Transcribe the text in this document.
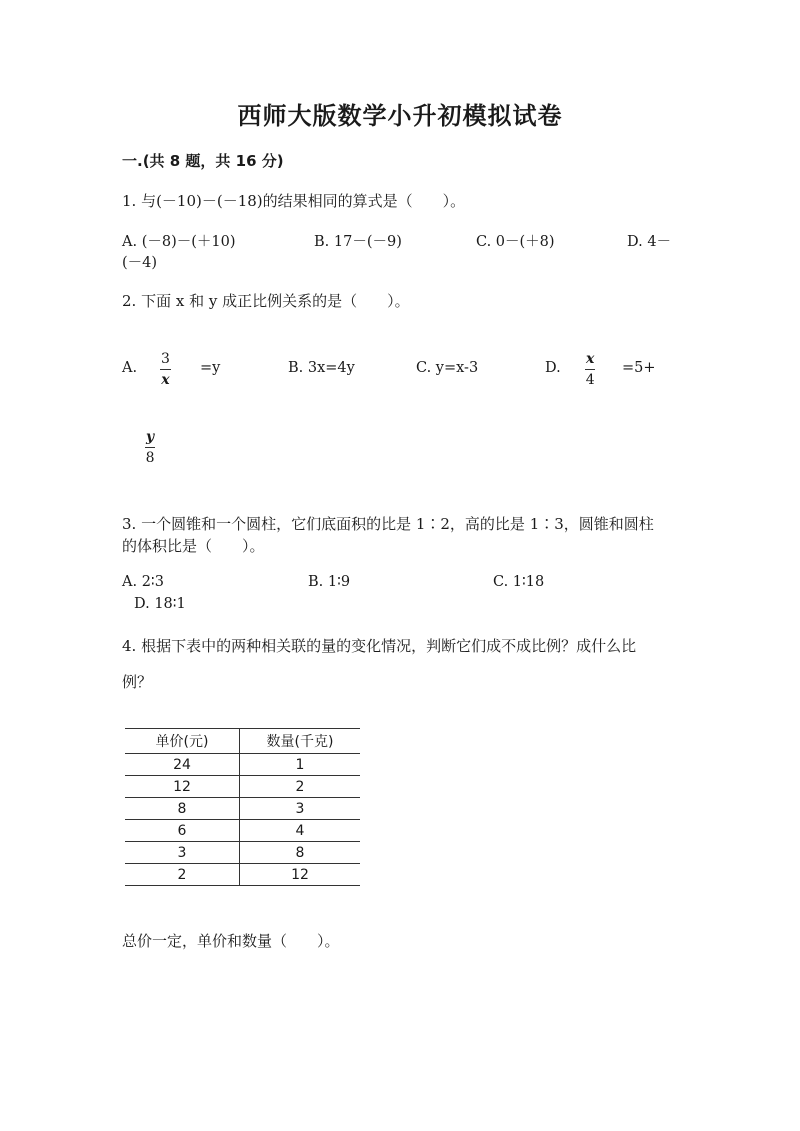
西师大版数学小升初模拟试卷
一.(共 8 题，共 16 分)
1. 与(－10)－(－18)的结果相同的算式是（　　）。
A. (－8)－(＋10)	B. 17－(－9)	C. 0－(＋8)	D. 4－
(－4)
2. 下面 x 和 y 成正比例关系的是（　　）。
A. $\frac{3}{x} =y$	B. 3x=4y	C. y=x-3	D. $\frac{x}{4} =5+$
$\frac{y}{8}$
3. 一个圆锥和一个圆柱，它们底面积的比是 1∶2，高的比是 1∶3，圆锥和圆柱
的体积比是（　　）。
A. 2∶3	B. 1∶9	C. 1∶18
D. 18∶1
4. 根据下表中的两种相关联的量的变化情况，判断它们成不成比例？成什么比
例？
单价(元)	数量(千克)
24	1
12	2
8	3
6	4
3	8
2	12
总价一定，单价和数量（　　）。
